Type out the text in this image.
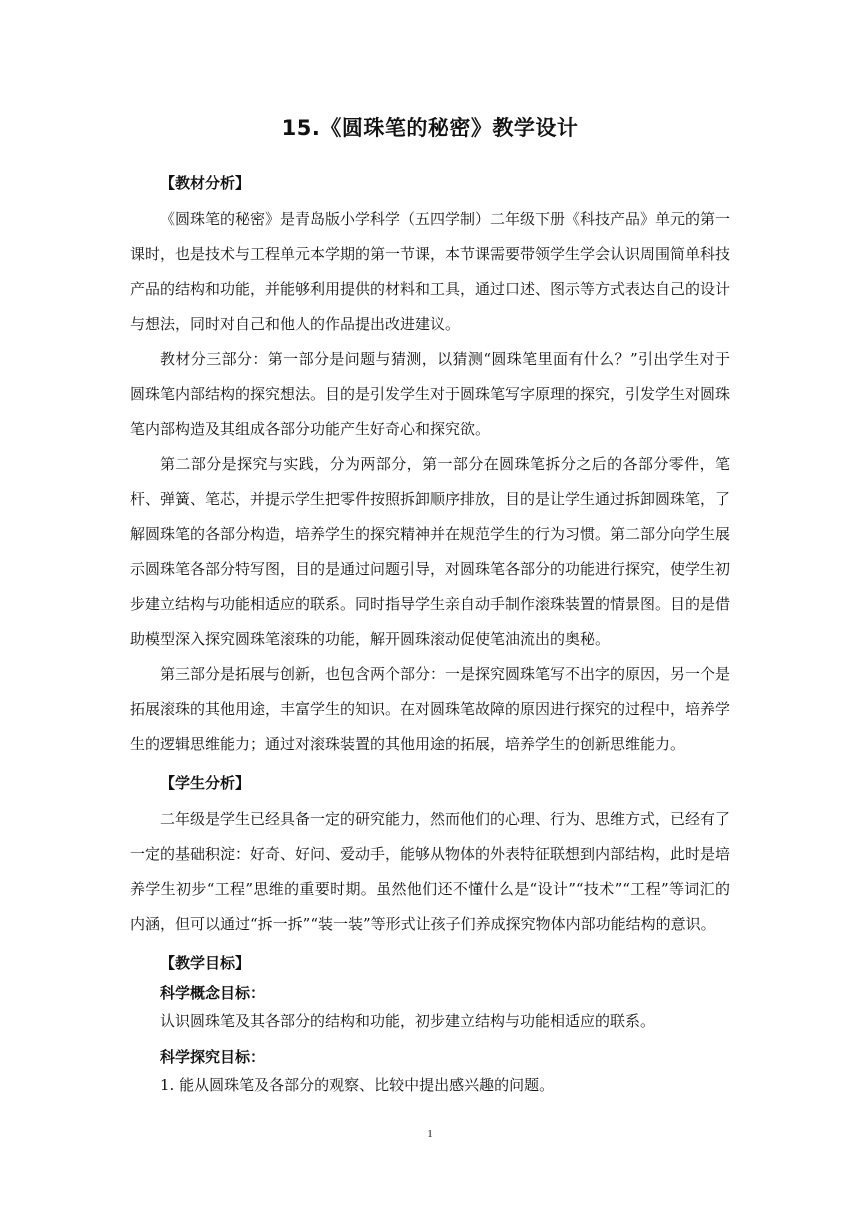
15.《圆珠笔的秘密》教学设计
【教材分析】

《圆珠笔的秘密》是青岛版小学科学（五四学制）二年级下册《科技产品》单元的第一课时，也是技术与工程单元本学期的第一节课，本节课需要带领学生学会认识周围简单科技产品的结构和功能，并能够利用提供的材料和工具，通过口述、图示等方式表达自己的设计与想法，同时对自己和他人的作品提出改进建议。

教材分三部分：第一部分是问题与猜测，以猜测“圆珠笔里面有什么？”引出学生对于圆珠笔内部结构的探究想法。目的是引发学生对于圆珠笔写字原理的探究，引发学生对圆珠笔内部构造及其组成各部分功能产生好奇心和探究欲。

第二部分是探究与实践，分为两部分，第一部分在圆珠笔拆分之后的各部分零件，笔杆、弹簧、笔芯，并提示学生把零件按照拆卸顺序排放，目的是让学生通过拆卸圆珠笔，了解圆珠笔的各部分构造，培养学生的探究精神并在规范学生的行为习惯。第二部分向学生展示圆珠笔各部分特写图，目的是通过问题引导，对圆珠笔各部分的功能进行探究，使学生初步建立结构与功能相适应的联系。同时指导学生亲自动手制作滚珠装置的情景图。目的是借助模型深入探究圆珠笔滚珠的功能，解开圆珠滚动促使笔油流出的奥秘。

第三部分是拓展与创新，也包含两个部分：一是探究圆珠笔写不出字的原因，另一个是拓展滚珠的其他用途，丰富学生的知识。在对圆珠笔故障的原因进行探究的过程中，培养学生的逻辑思维能力；通过对滚珠装置的其他用途的拓展，培养学生的创新思维能力。

【学生分析】

二年级是学生已经具备一定的研究能力，然而他们的心理、行为、思维方式，已经有了一定的基础积淀：好奇、好问、爱动手，能够从物体的外表特征联想到内部结构，此时是培养学生初步“工程”思维的重要时期。虽然他们还不懂什么是“设计”“技术”“工程”等词汇的内涵，但可以通过“拆一拆”“装一装”等形式让孩子们养成探究物体内部功能结构的意识。

【教学目标】
科学概念目标：
认识圆珠笔及其各部分的结构和功能，初步建立结构与功能相适应的联系。
科学探究目标：
1. 能从圆珠笔及各部分的观察、比较中提出感兴趣的问题。
1
